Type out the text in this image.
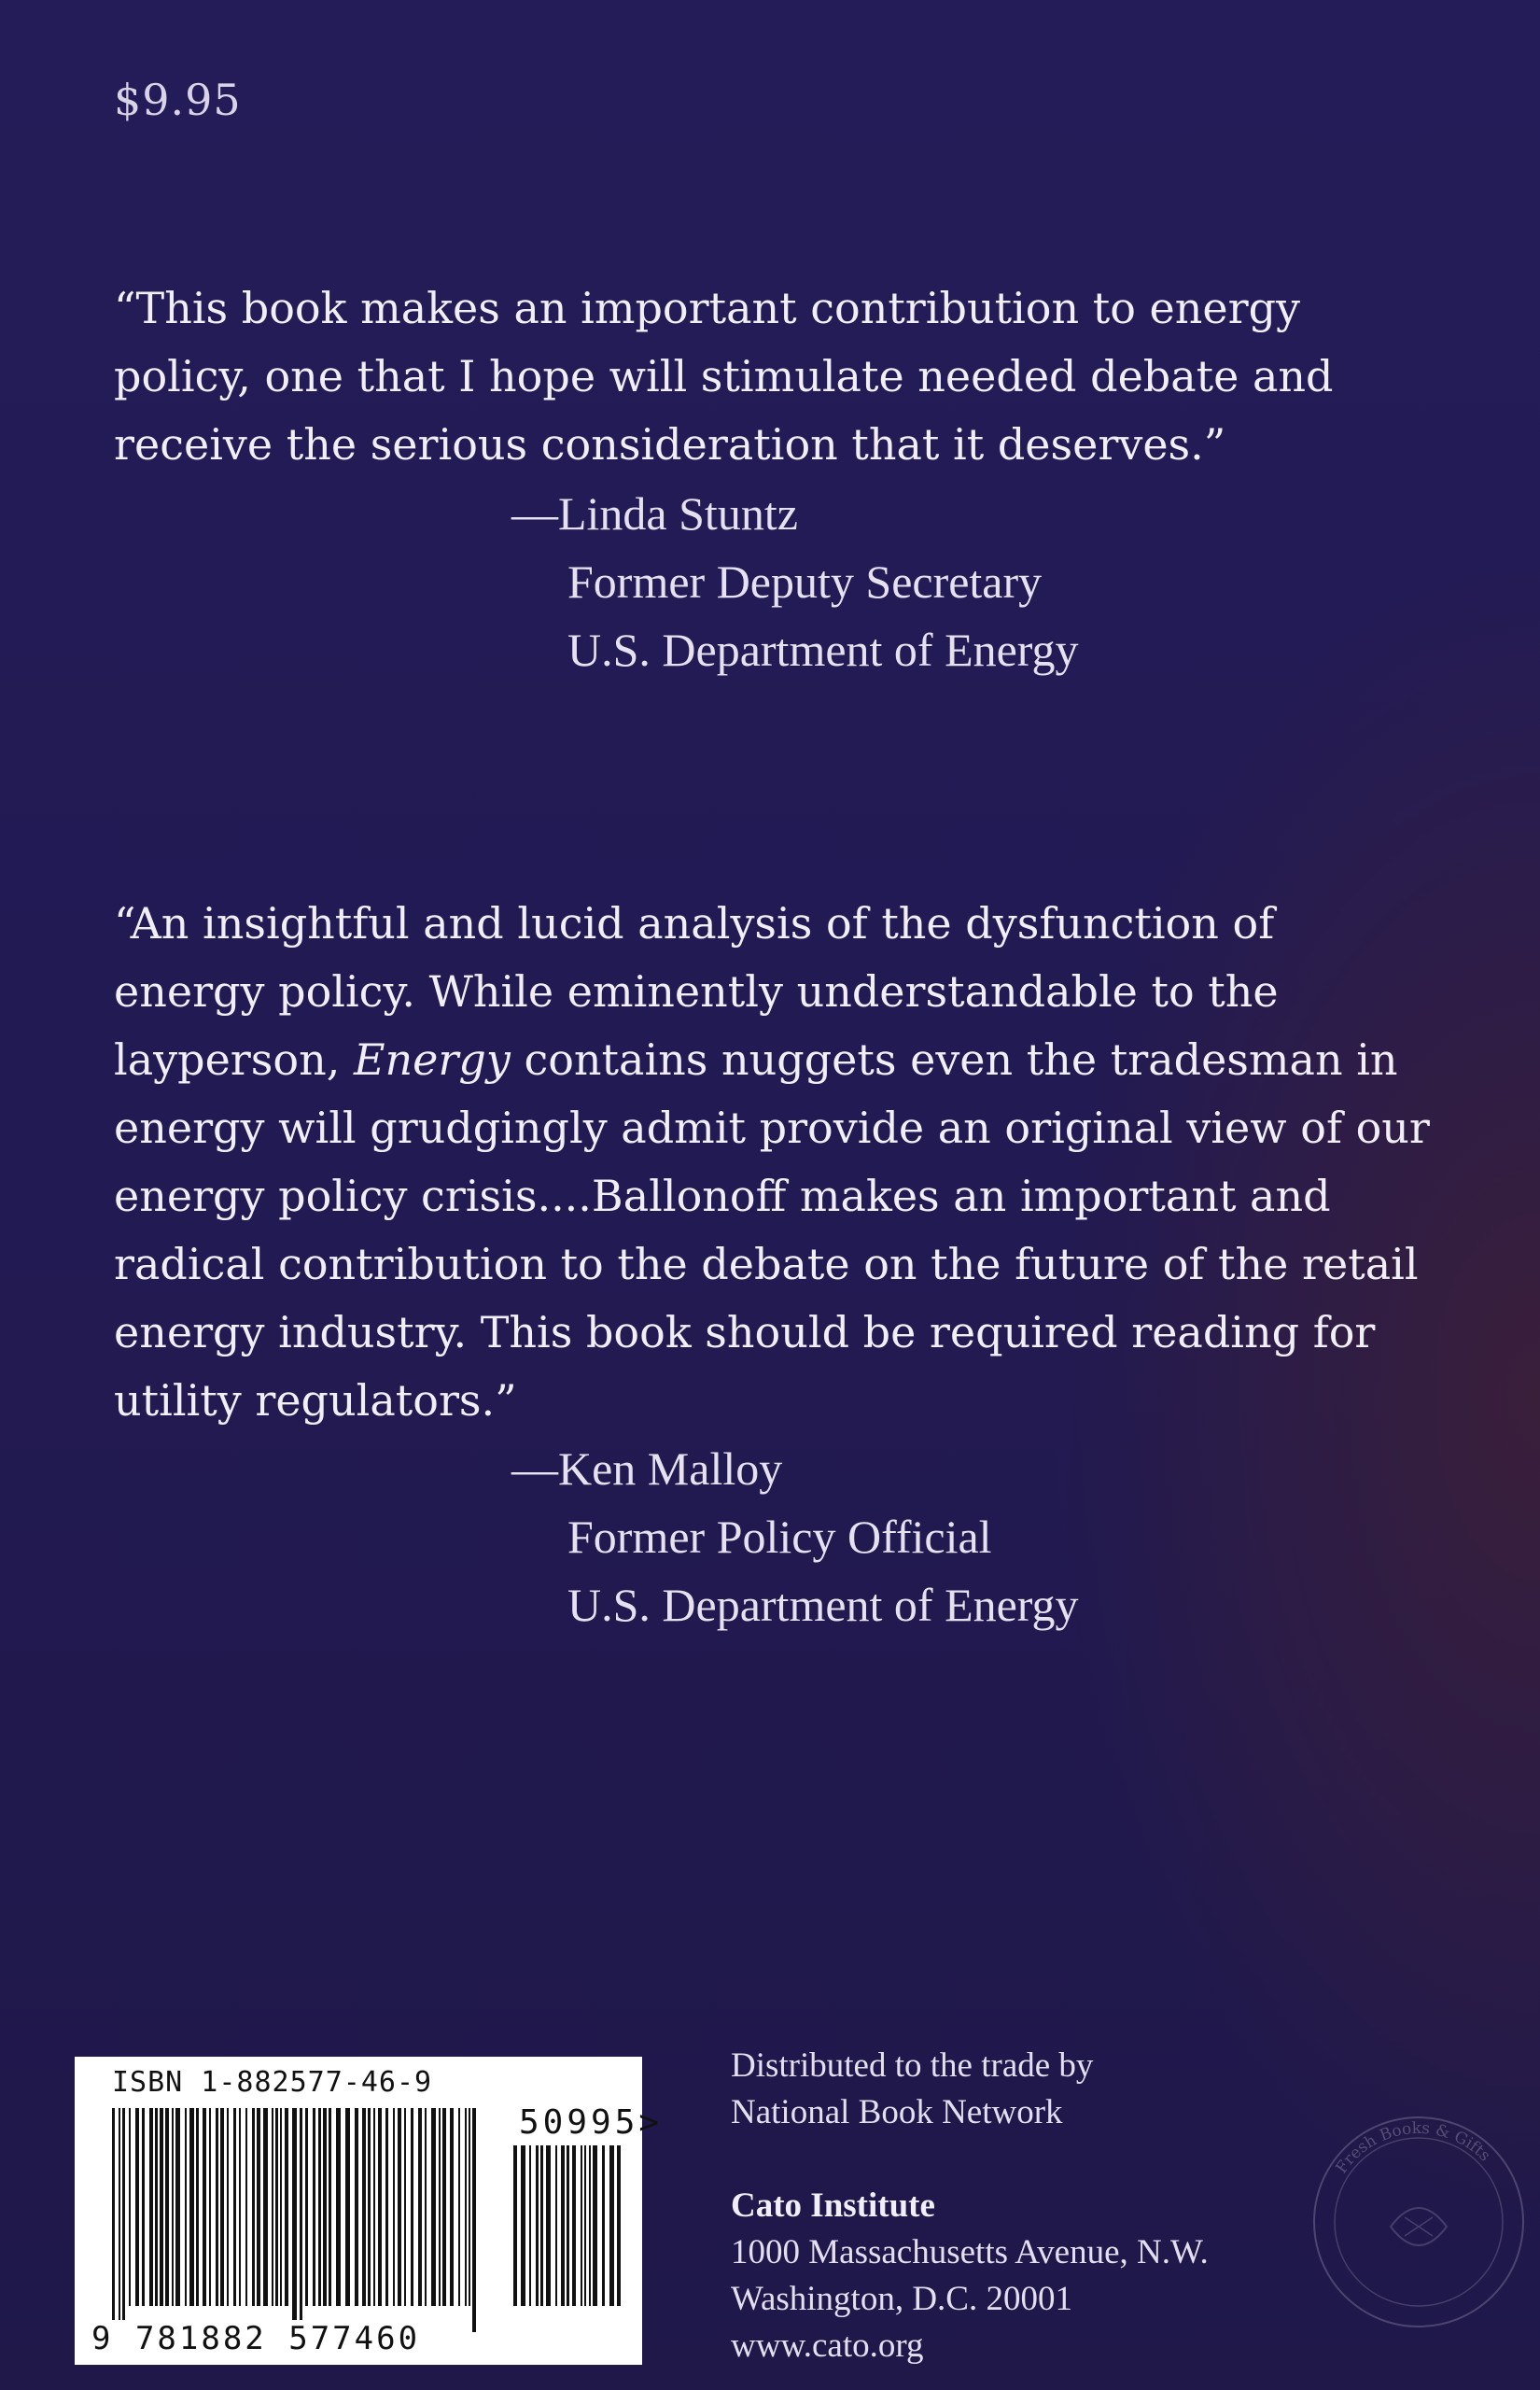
$9.95
“This book makes an important contribution to energy
policy, one that I hope will stimulate needed debate and
receive the serious consideration that it deserves.”
—Linda Stuntz
Former Deputy Secretary
U.S. Department of Energy
“An insightful and lucid analysis of the dysfunction of
energy policy. While eminently understandable to the
layperson, Energy contains nuggets even the tradesman in
energy will grudgingly admit provide an original view of our
energy policy crisis....Ballonoff makes an important and
radical contribution to the debate on the future of the retail
energy industry. This book should be required reading for
utility regulators.”
—Ken Malloy
Former Policy Official
U.S. Department of Energy
ISBN 1-882577-46-9
50995>
9 781882 577460
Distributed to the trade by
National Book Network
Cato Institute
1000 Massachusetts Avenue, N.W.
Washington, D.C. 20001
www.cato.org
Fresh Books & Gifts
